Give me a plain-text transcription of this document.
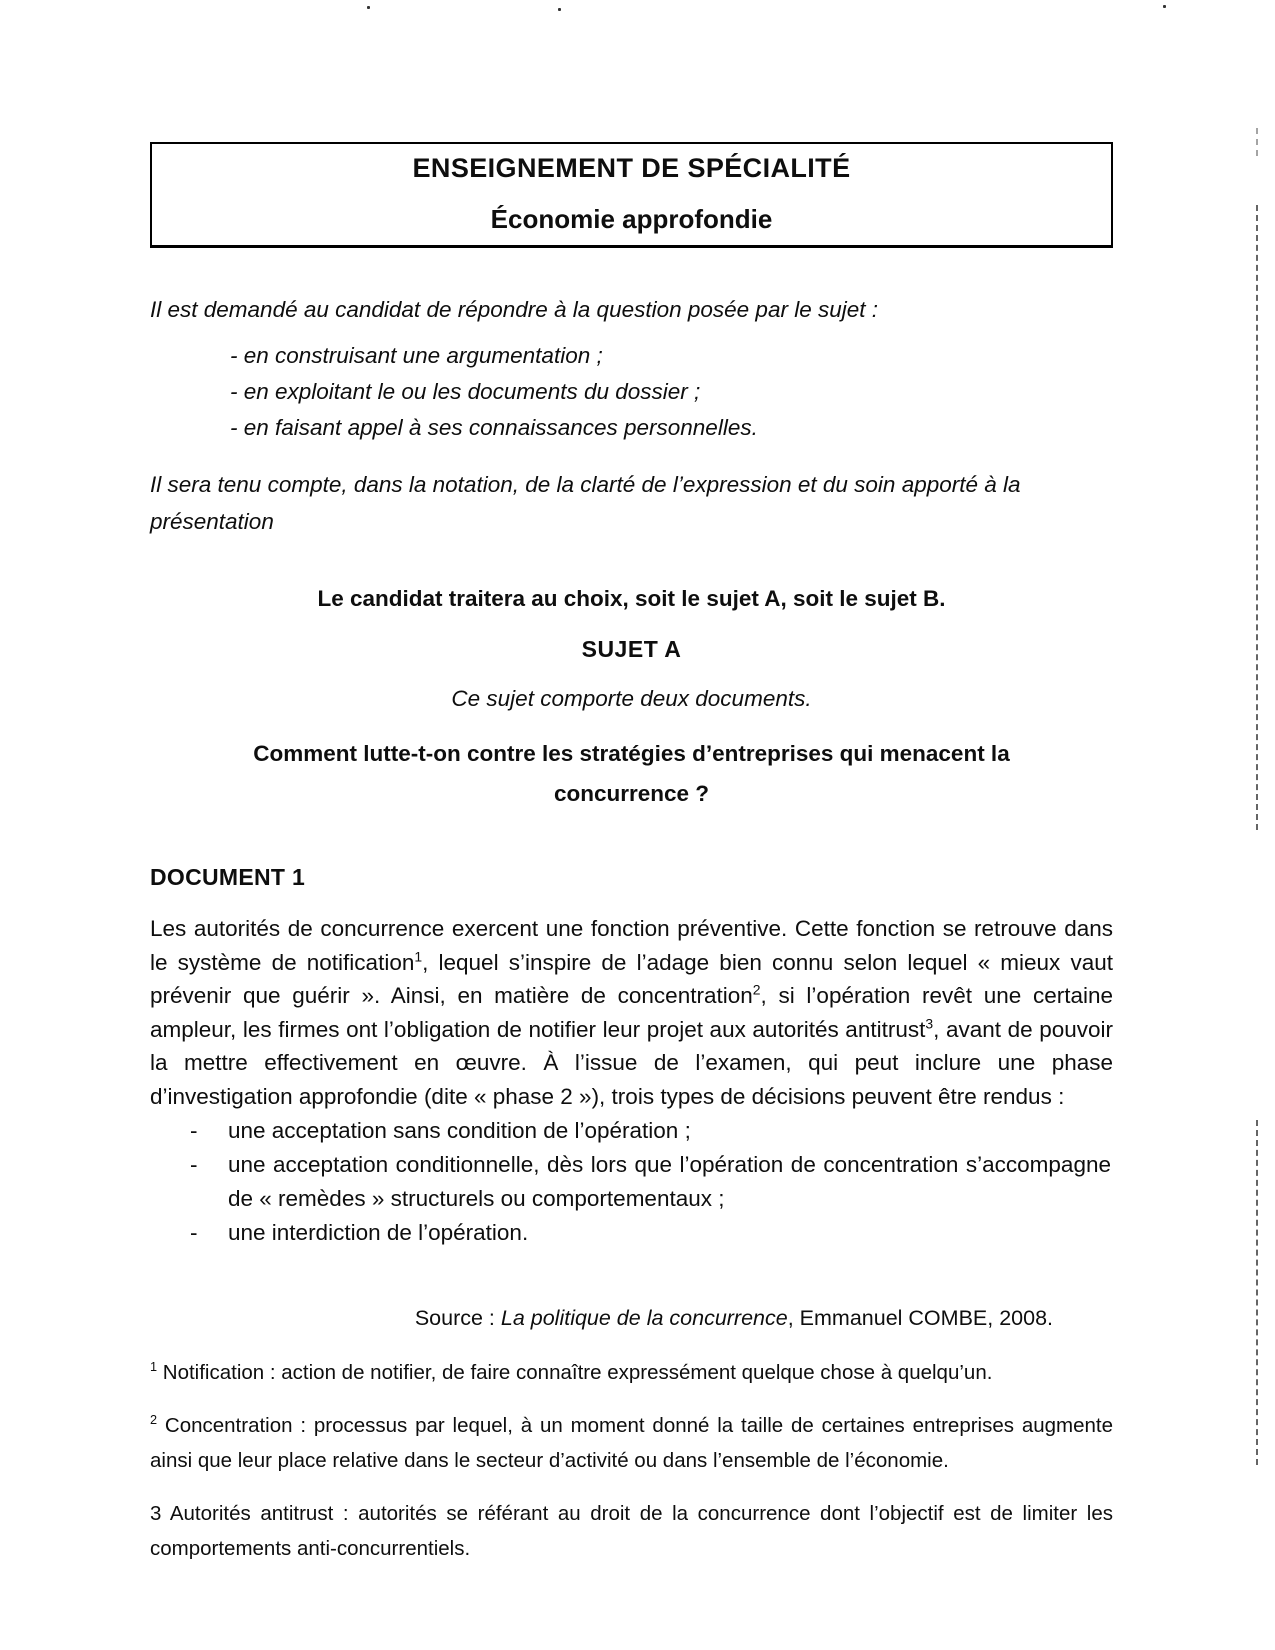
ENSEIGNEMENT DE SPÉCIALITÉ
Économie approfondie

Il est demandé au candidat de répondre à la question posée par le sujet :

- en construisant une argumentation ;

- en exploitant le ou les documents du dossier ;

- en faisant appel à ses connaissances personnelles.

Il sera tenu compte, dans la notation, de la clarté de l’expression et du soin apporté à la présentation

Le candidat traitera au choix, soit le sujet A, soit le sujet B.

SUJET A

Ce sujet comporte deux documents.

Comment lutte-t-on contre les stratégies d’entreprises qui menacent la concurrence ?

DOCUMENT 1

Les autorités de concurrence exercent une fonction préventive. Cette fonction se retrouve dans le système de notification$^1$, lequel s’inspire de l’adage bien connu selon lequel « mieux vaut prévenir que guérir ». Ainsi, en matière de concentration$^2$, si l’opération revêt une certaine ampleur, les firmes ont l’obligation de notifier leur projet aux autorités antitrust$^3$, avant de pouvoir la mettre effectivement en œuvre. À l’issue de l’examen, qui peut inclure une phase d’investigation approfondie (dite « phase 2 »), trois types de décisions peuvent être rendus :

-	une acceptation sans condition de l’opération ;
-	une acceptation conditionnelle, dès lors que l’opération de concentration s’accompagne de « remèdes » structurels ou comportementaux ;
-	une interdiction de l’opération.

Source : La politique de la concurrence, Emmanuel COMBE, 2008.

$^1$ Notification : action de notifier, de faire connaître expressément quelque chose à quelqu’un.

$^2$ Concentration : processus par lequel, à un moment donné la taille de certaines entreprises augmente ainsi que leur place relative dans le secteur d’activité ou dans l’ensemble de l’économie.

3 Autorités antitrust : autorités se référant au droit de la concurrence dont l’objectif est de limiter les comportements anti-concurrentiels.
